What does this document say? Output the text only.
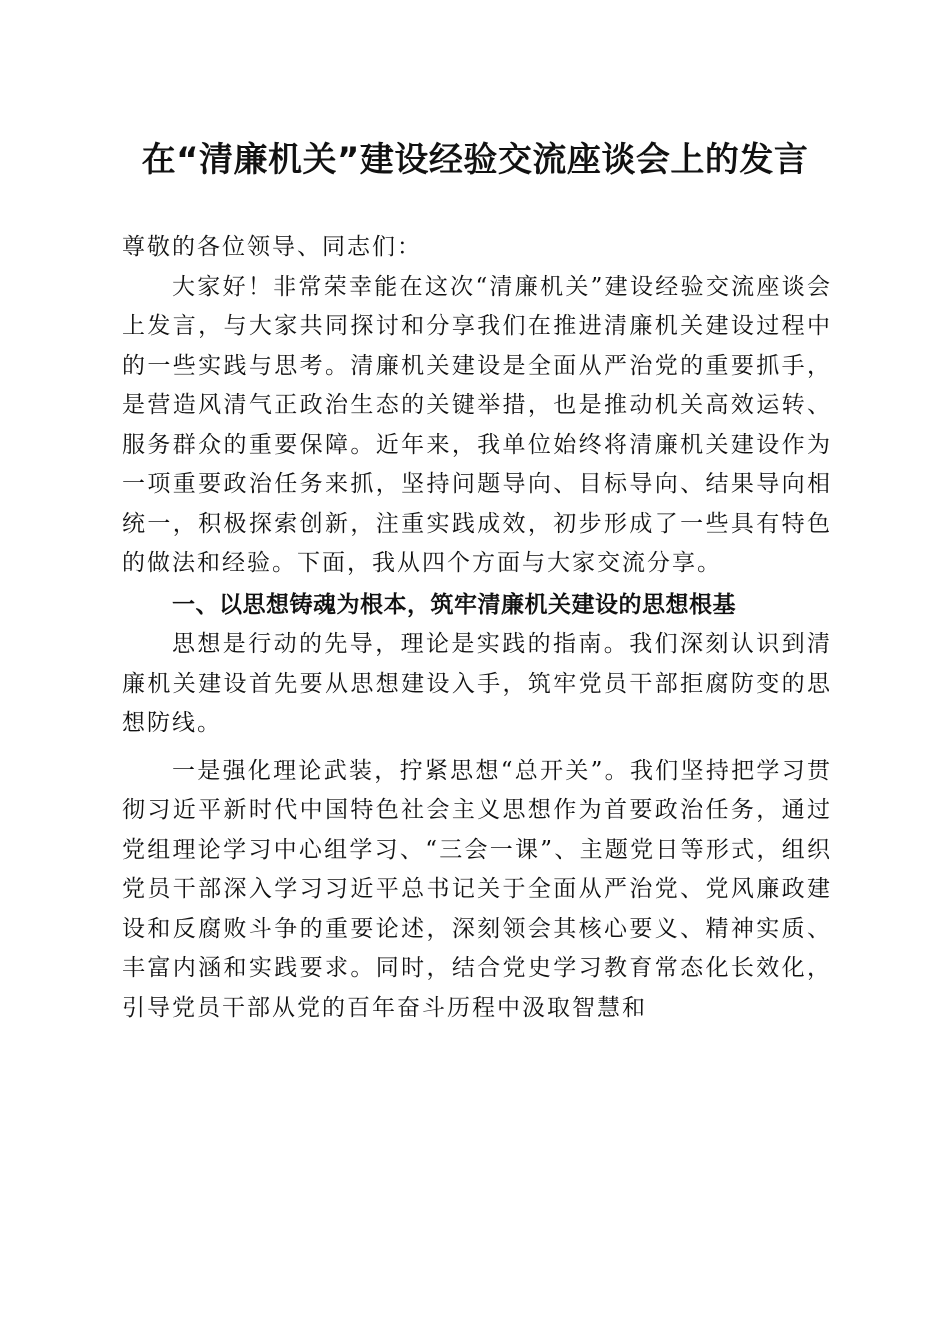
在“清廉机关”建设经验交流座谈会上的发言

尊敬的各位领导、同志们：

大家好！非常荣幸能在这次“清廉机关”建设经验交流座谈会上发言，与大家共同探讨和分享我们在推进清廉机关建设过程中的一些实践与思考。清廉机关建设是全面从严治党的重要抓手，是营造风清气正政治生态的关键举措，也是推动机关高效运转、服务群众的重要保障。近年来，我单位始终将清廉机关建设作为一项重要政治任务来抓，坚持问题导向、目标导向、结果导向相统一，积极探索创新，注重实践成效，初步形成了一些具有特色的做法和经验。下面，我从四个方面与大家交流分享。

一、以思想铸魂为根本，筑牢清廉机关建设的思想根基

思想是行动的先导，理论是实践的指南。我们深刻认识到清廉机关建设首先要从思想建设入手，筑牢党员干部拒腐防变的思想防线。

一是强化理论武装，拧紧思想“总开关”。我们坚持把学习贯彻习近平新时代中国特色社会主义思想作为首要政治任务，通过党组理论学习中心组学习、“三会一课”、主题党日等形式，组织党员干部深入学习习近平总书记关于全面从严治党、党风廉政建设和反腐败斗争的重要论述，深刻领会其核心要义、精神实质、丰富内涵和实践要求。同时，结合党史学习教育常态化长效化，引导党员干部从党的百年奋斗历程中汲取智慧和
